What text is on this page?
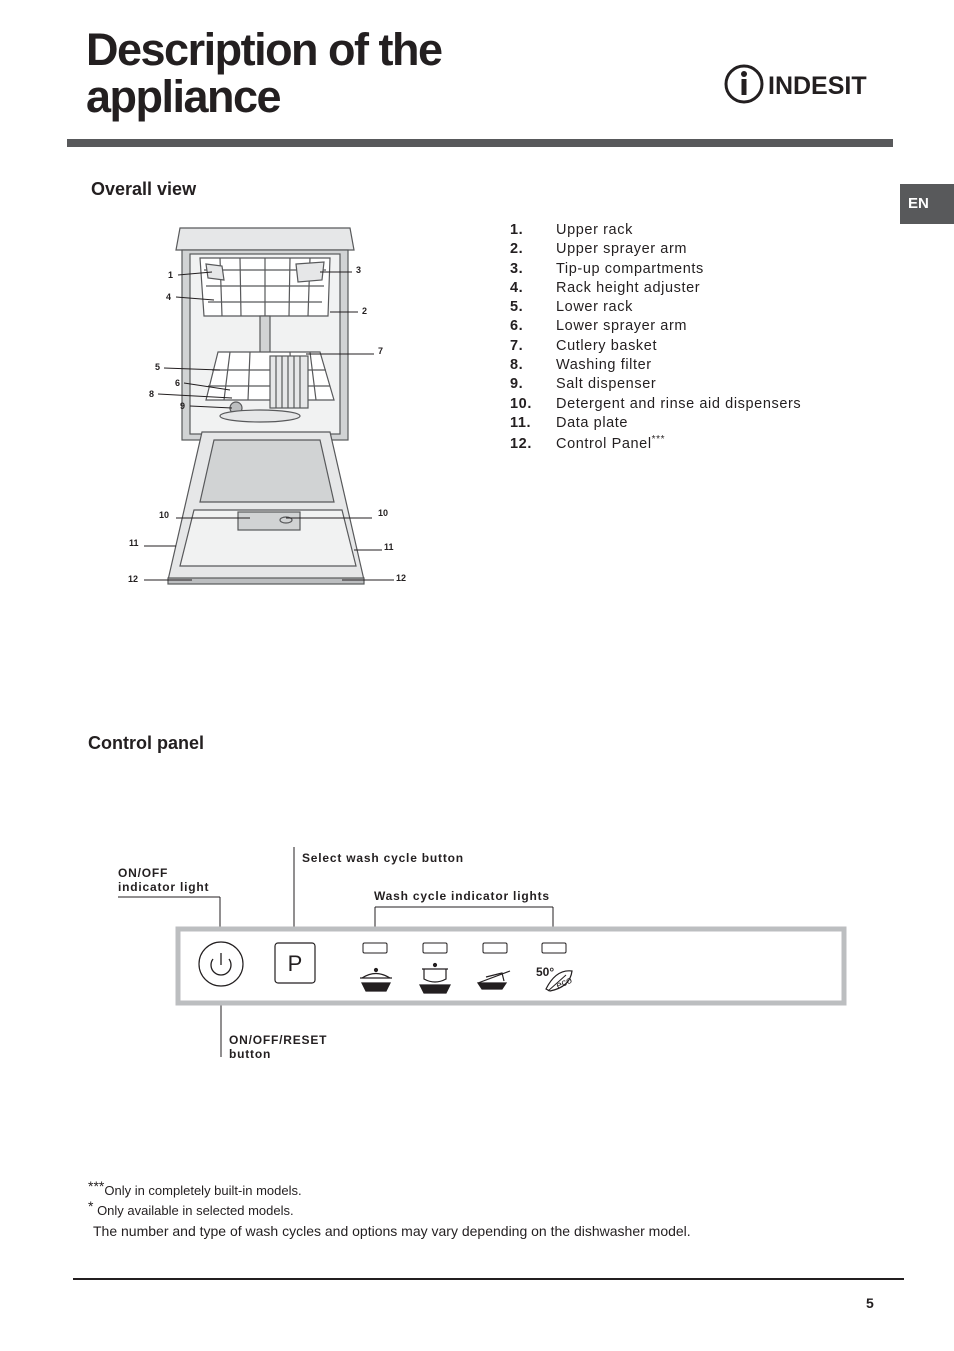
Description of the
appliance	INDESIT
EN
Overall view
1
2
3
4
5
6
7
8
9
10	10
11	11
12	12
1. Upper rack
2. Upper sprayer arm
3. Tip-up compartments
4. Rack height adjuster
5. Lower rack
6. Lower sprayer arm
7. Cutlery basket
8. Washing filter
9. Salt dispenser
10. Detergent and rinse aid dispensers
11. Data plate
12. Control Panel***
Control panel
ON/OFF
indicator light
Select wash cycle button
Wash cycle indicator lights
ON/OFF/RESET
button
P	50°
eco
***Only in completely built-in models.
* Only available in selected models.
The number and type of wash cycles and options may vary depending on the dishwasher model.
5
